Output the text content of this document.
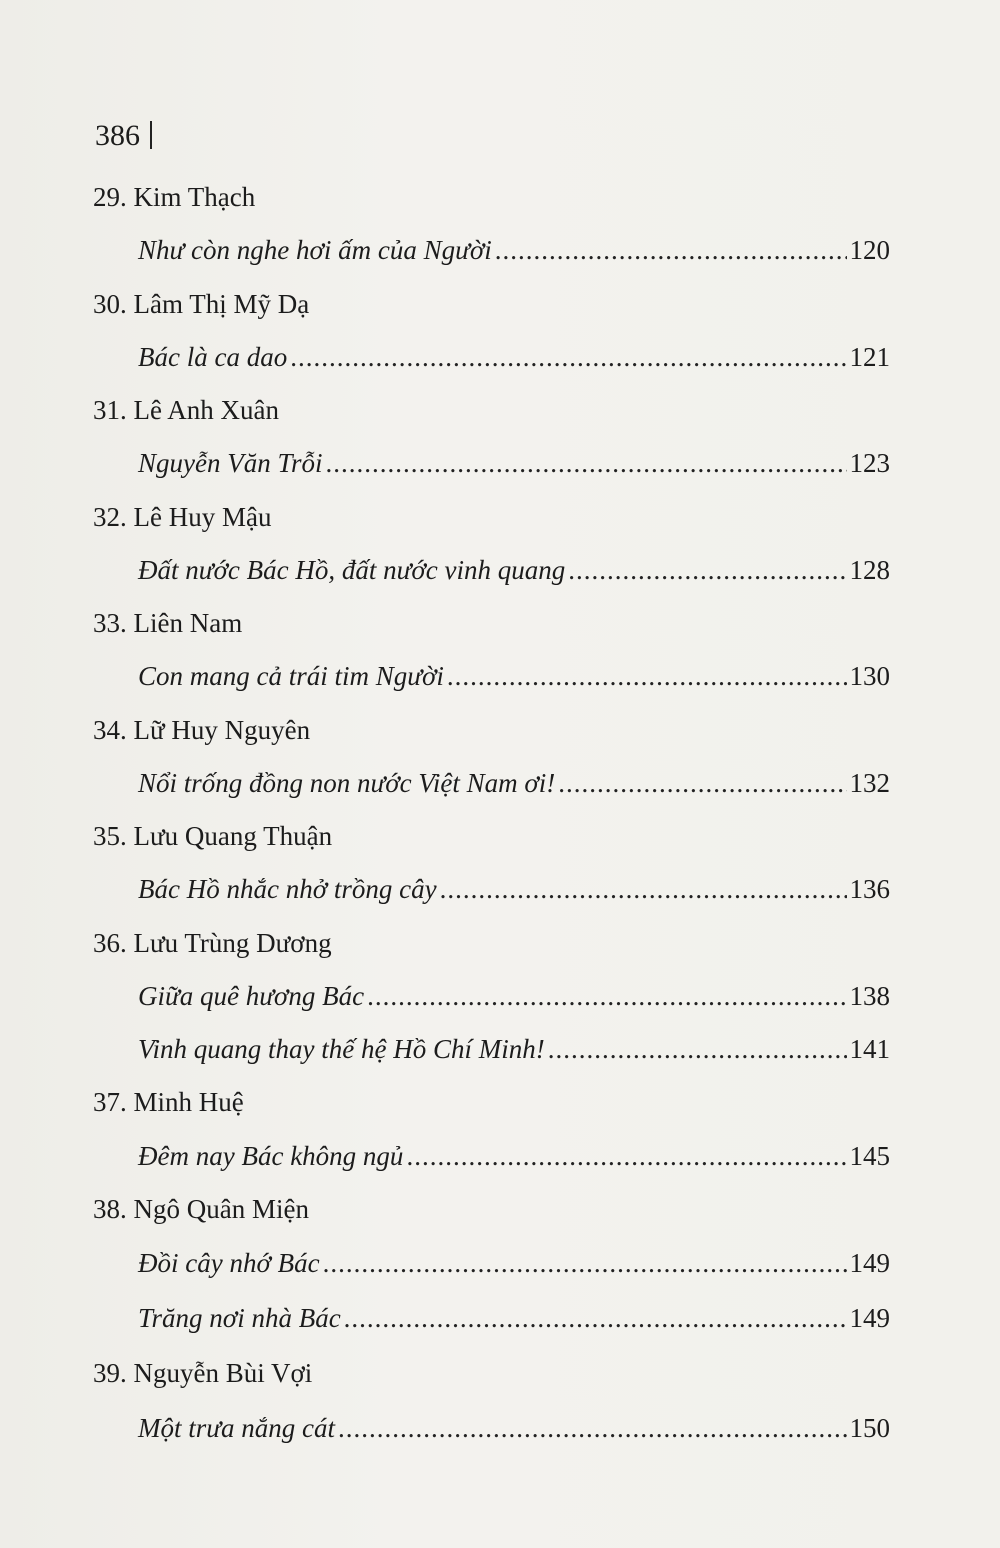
386
29. Kim Thạch
Như còn nghe hơi ấm của Người .....	120
30. Lâm Thị Mỹ Dạ
Bác là ca dao .....	121
31. Lê Anh Xuân
Nguyễn Văn Trỗi .....	123
32. Lê Huy Mậu
Đất nước Bác Hồ, đất nước vinh quang .....	128
33. Liên Nam
Con mang cả trái tim Người .....	130
34. Lữ Huy Nguyên
Nổi trống đồng non nước Việt Nam ơi! .....	132
35. Lưu Quang Thuận
Bác Hồ nhắc nhở trồng cây .....	136
36. Lưu Trùng Dương
Giữa quê hương Bác .....	138
Vinh quang thay thế hệ Hồ Chí Minh! .....	141
37. Minh Huệ
Đêm nay Bác không ngủ .....	145
38. Ngô Quân Miện
Đồi cây nhớ Bác .....	149
Trăng nơi nhà Bác .....	149
39. Nguyễn Bùi Vợi
Một trưa nắng cát .....	150
